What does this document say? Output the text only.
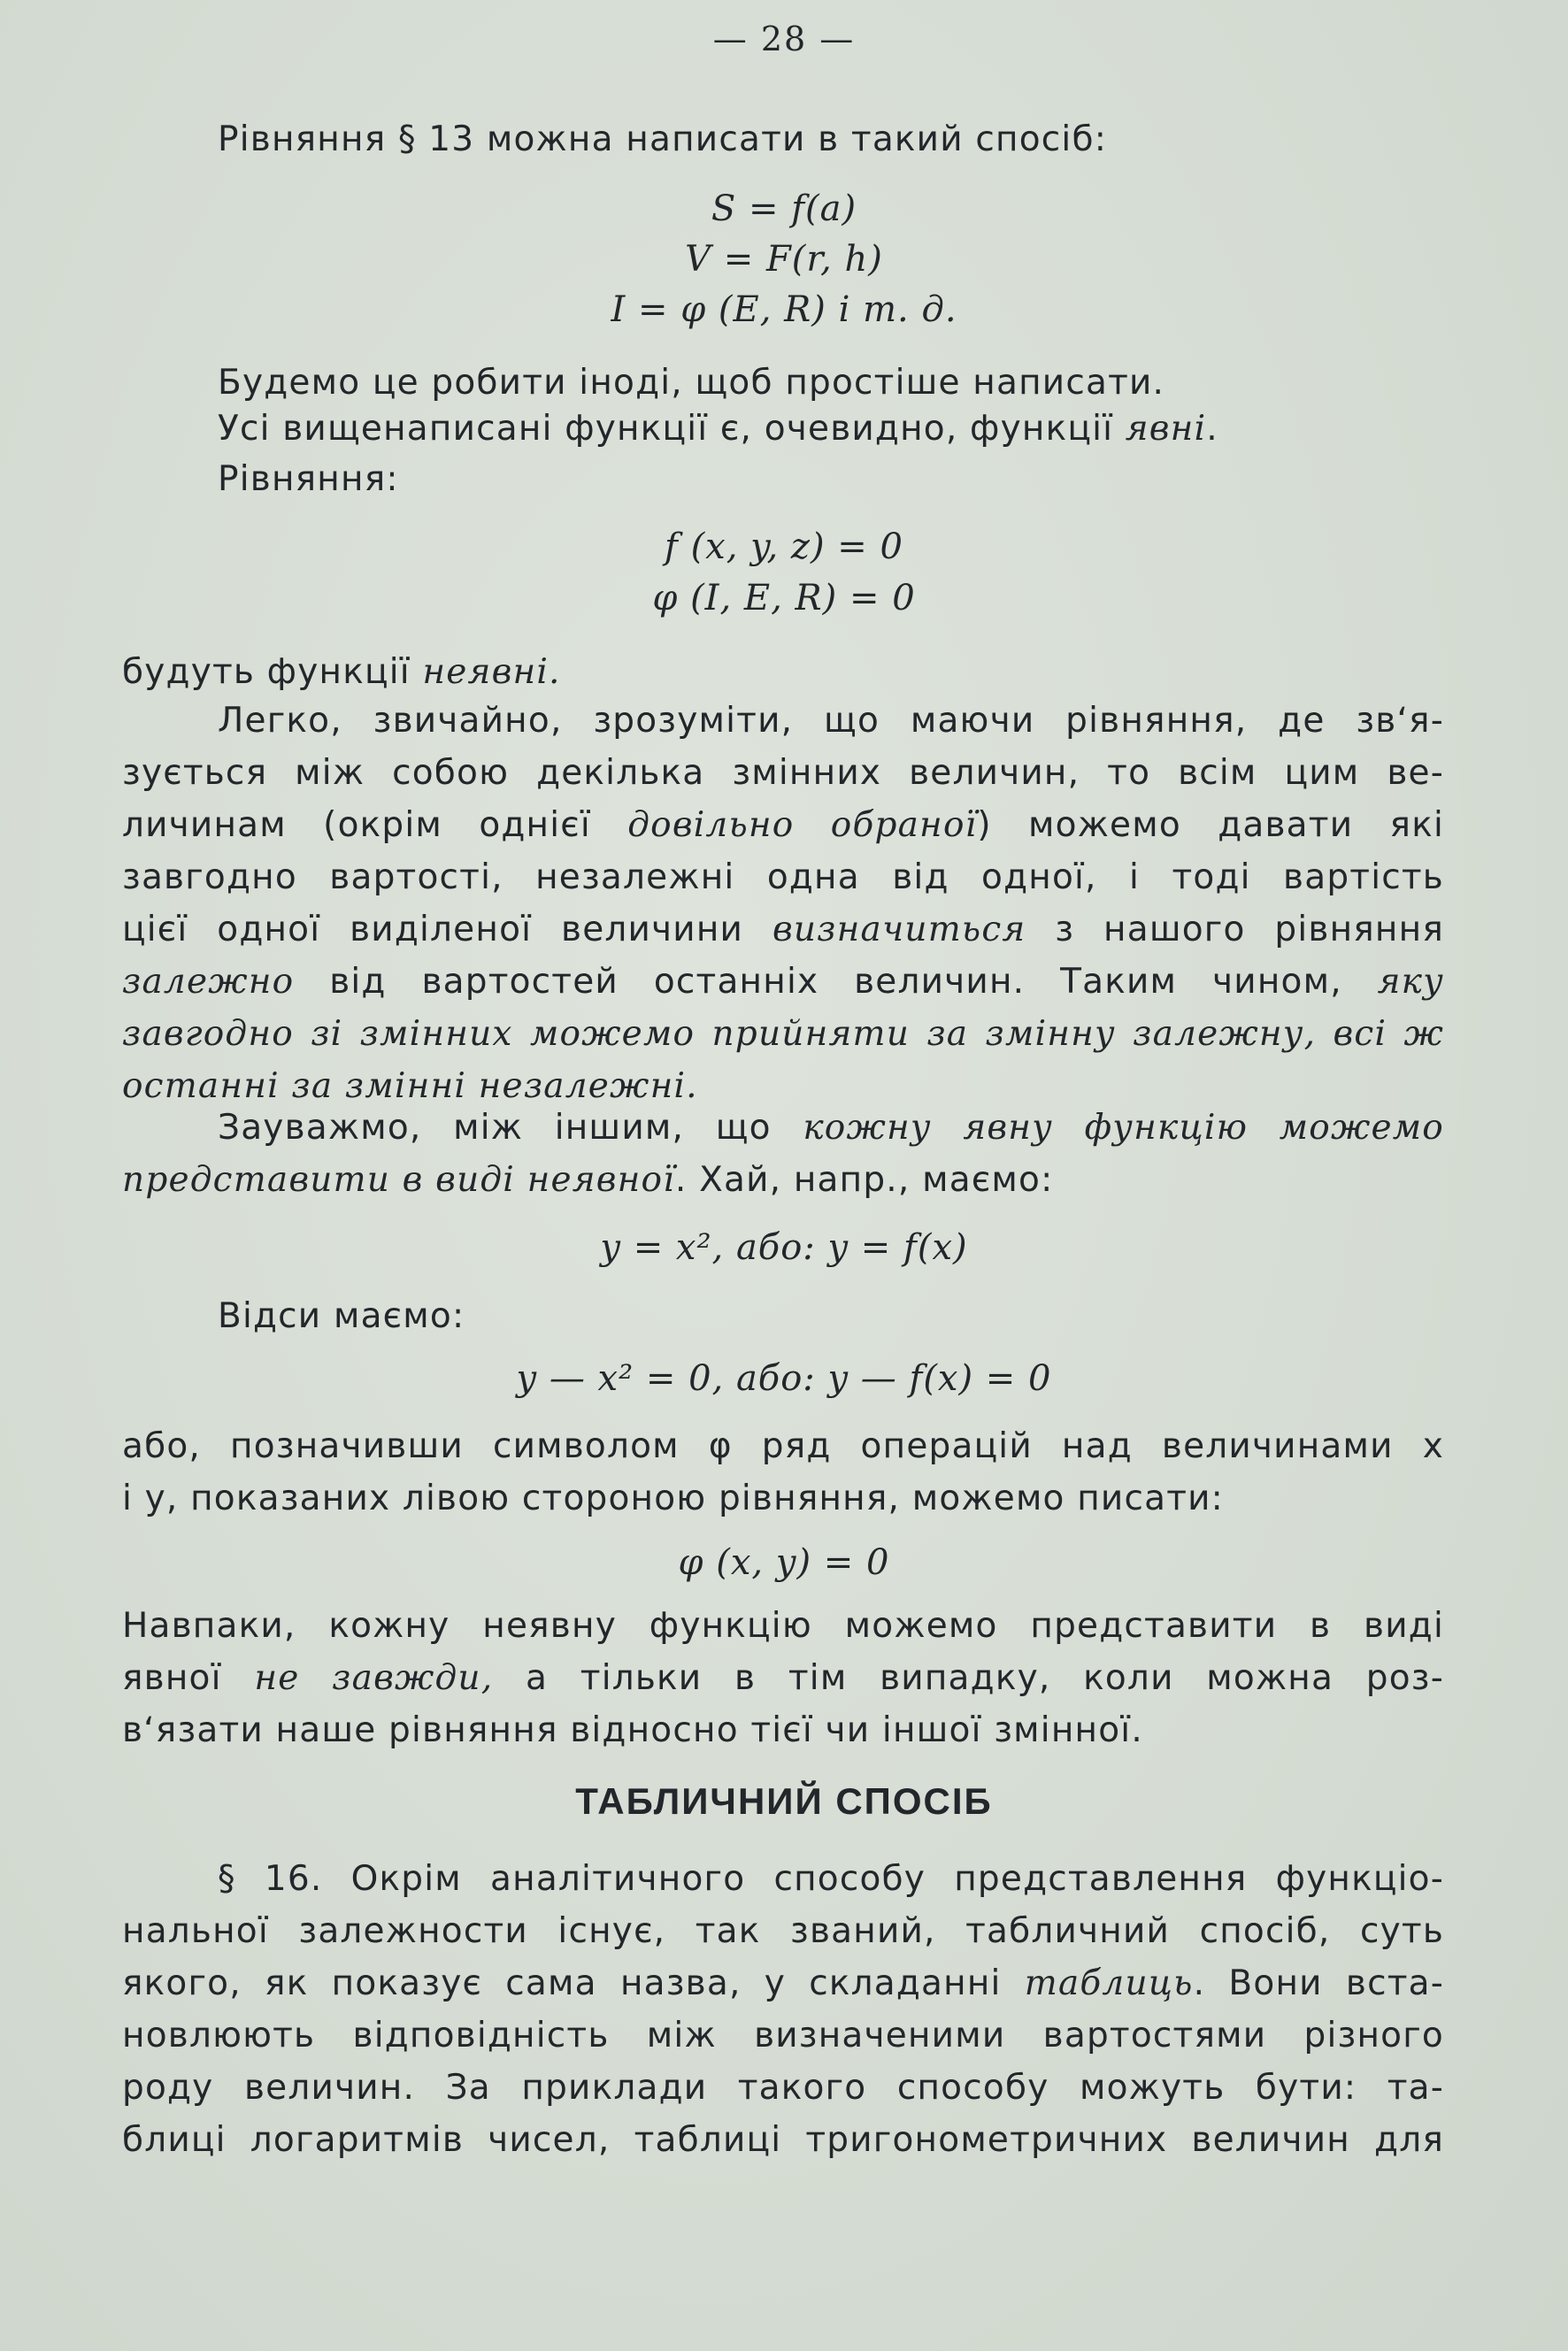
— 28 —

Рівняння § 13 можна написати в такий спосіб:

S = f(a)

V = F(r, h)

I = φ (E, R) і т. д.

Будемо це робити іноді, щоб простіше написати.

Усі вищенаписані функції є, очевидно, функції явні.

Рівняння:

f (x, y, z) = 0

φ (I, E, R) = 0

будуть функції неявні.

Легко, звичайно, зрозуміти, що маючи рівняння, де зв‘я-

зується між собою декілька змінних величин, то всім цим ве-

личинам (окрім однієї довільно обраної) можемо давати які

завгодно вартості, незалежні одна від одної, і тоді вартість

цієї одної виділеної величини визначиться з нашого рівняння

залежно від вартостей останніх величин. Таким чином, яку

завгодно зі змінних можемо прийняти за змінну залежну, всі ж

останні за змінні незалежні.

Зауважмо, між іншим, що кожну явну функцію можемо

представити в виді неявної. Хай, напр., маємо:

y = x², або: y = f(x)

Відси маємо:

y — x² = 0, або: y — f(x) = 0

або, позначивши символом φ ряд операцій над величинами x

і y, показаних лівою стороною рівняння, можемо писати:

φ (x, y) = 0

Навпаки, кожну неявну функцію можемо представити в виді

явної не завжди, а тільки в тім випадку, коли можна роз-

в‘язати наше рівняння відносно тієї чи іншої змінної.

ТАБЛИЧНИЙ СПОСІБ

§ 16. Окрім аналітичного способу представлення функціо-

нальної залежности існує, так званий, табличний спосіб, суть

якого, як показує сама назва, у складанні таблиць. Вони вста-

новлюють відповідність між визначеними вартостями різного

роду величин. За приклади такого способу можуть бути: та-

блиці логаритмів чисел, таблиці тригонометричних величин для
